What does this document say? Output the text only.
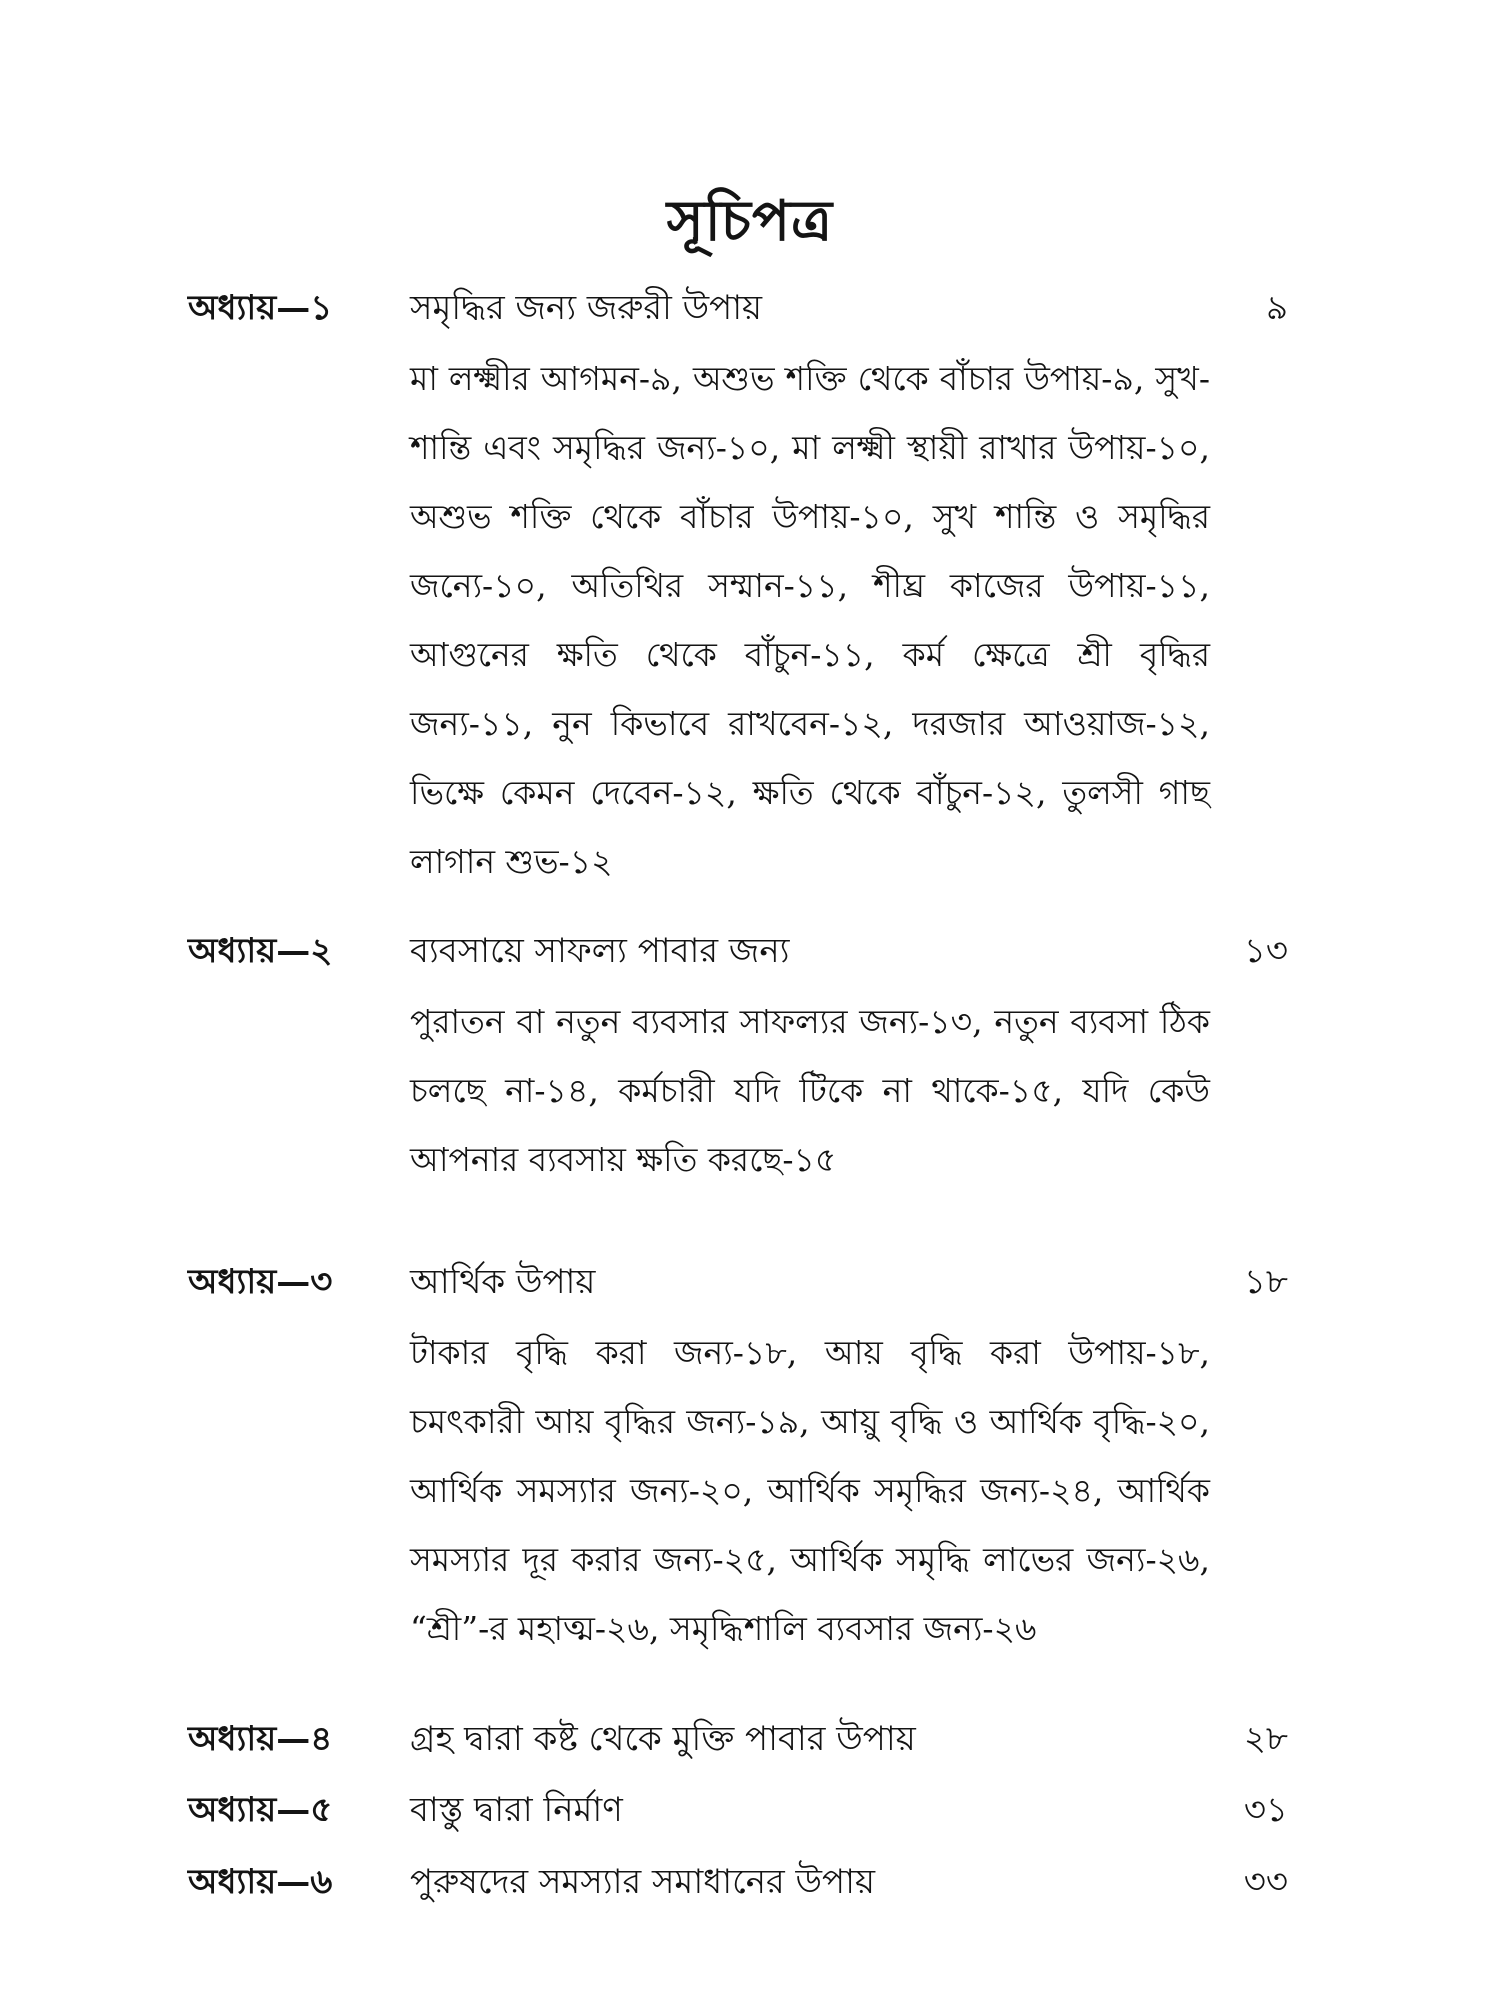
সূচিপত্র
অধ্যায়—১ সমৃদ্ধির জন্য জরুরী উপায়	৯
মা লক্ষ্মীর আগমন-৯, অশুভ শক্তি থেকে বাঁচার উপায়-৯, সুখ-শান্তি এবং সমৃদ্ধির জন্য-১০, মা লক্ষ্মী স্থায়ী রাখার উপায়-১০, অশুভ শক্তি থেকে বাঁচার উপায়-১০, সুখ শান্তি ও সমৃদ্ধির জন্যে-১০, অতিথির সম্মান-১১, শীঘ্র কাজের উপায়-১১, আগুনের ক্ষতি থেকে বাঁচুন-১১, কর্ম ক্ষেত্রে শ্রী বৃদ্ধির জন্য-১১, নুন কিভাবে রাখবেন-১২, দরজার আওয়াজ-১২, ভিক্ষে কেমন দেবেন-১২, ক্ষতি থেকে বাঁচুন-১২, তুলসী গাছ লাগান শুভ-১২
অধ্যায়—২ ব্যবসায়ে সাফল্য পাবার জন্য	১৩
পুরাতন বা নতুন ব্যবসার সাফল্যর জন্য-১৩, নতুন ব্যবসা ঠিক চলছে না-১৪, কর্মচারী যদি টিকে না থাকে-১৫, যদি কেউ আপনার ব্যবসায় ক্ষতি করছে-১৫
অধ্যায়—৩ আর্থিক উপায়	১৮
টাকার বৃদ্ধি করা জন্য-১৮, আয় বৃদ্ধি করা উপায়-১৮, চমৎকারী আয় বৃদ্ধির জন্য-১৯, আয়ু বৃদ্ধি ও আর্থিক বৃদ্ধি-২০, আর্থিক সমস্যার জন্য-২০, আর্থিক সমৃদ্ধির জন্য-২৪, আর্থিক সমস্যার দূর করার জন্য-২৫, আর্থিক সমৃদ্ধি লাভের জন্য-২৬, “শ্রী”-র মহাত্ম-২৬, সমৃদ্ধিশালি ব্যবসার জন্য-২৬
অধ্যায়—৪ গ্রহ দ্বারা কষ্ট থেকে মুক্তি পাবার উপায়	২৮
অধ্যায়—৫ বাস্তু দ্বারা নির্মাণ	৩১
অধ্যায়—৬ পুরুষদের সমস্যার সমাধানের উপায়	৩৩
